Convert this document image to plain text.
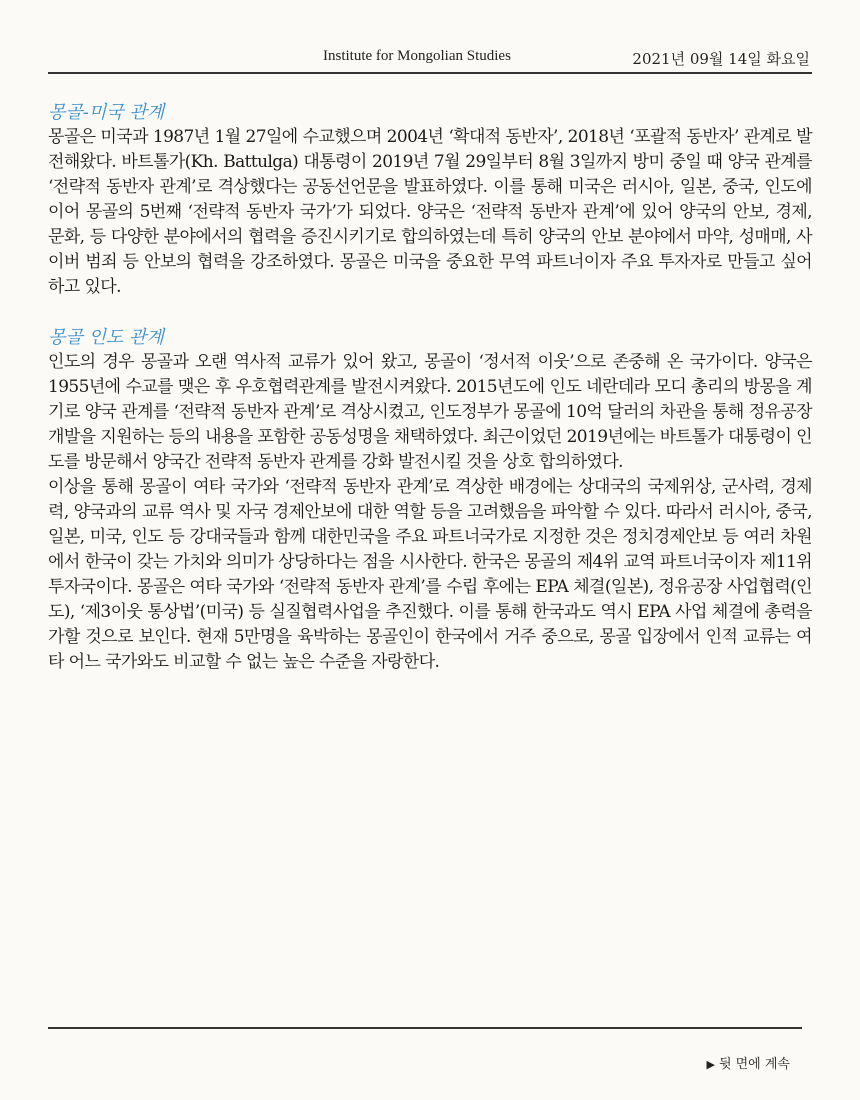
Institute for Mongolian Studies	2021년 09월 14일 화요일

몽골-미국 관계

몽골은 미국과 1987년 1월 27일에 수교했으며 2004년 ‘확대적 동반자’, 2018년 ‘포괄적 동반자’ 관계로 발전해왔다. 바트톨가(Kh. Battulga) 대통령이 2019년 7월 29일부터 8월 3일까지 방미 중일 때 양국 관계를 ‘전략적 동반자 관계’로 격상했다는 공동선언문을 발표하였다. 이를 통해 미국은 러시아, 일본, 중국, 인도에 이어 몽골의 5번째 ‘전략적 동반자 국가’가 되었다. 양국은 ‘전략적 동반자 관계’에 있어 양국의 안보, 경제, 문화, 등 다양한 분야에서의 협력을 증진시키기로 합의하였는데 특히 양국의 안보 분야에서 마약, 성매매, 사이버 범죄 등 안보의 협력을 강조하였다. 몽골은 미국을 중요한 무역 파트너이자 주요 투자자로 만들고 싶어하고 있다.

몽골 인도 관계

인도의 경우 몽골과 오랜 역사적 교류가 있어 왔고, 몽골이 ‘정서적 이웃’으로 존중해 온 국가이다. 양국은 1955년에 수교를 맺은 후 우호협력관계를 발전시켜왔다. 2015년도에 인도 네란데라 모디 총리의 방몽을 계기로 양국 관계를 ‘전략적 동반자 관계’로 격상시켰고, 인도정부가 몽골에 10억 달러의 차관을 통해 정유공장 개발을 지원하는 등의 내용을 포함한 공동성명을 채택하였다. 최근이었던 2019년에는 바트톨가 대통령이 인도를 방문해서 양국간 전략적 동반자 관계를 강화 발전시킬 것을 상호 합의하였다.

이상을 통해 몽골이 여타 국가와 ‘전략적 동반자 관계’로 격상한 배경에는 상대국의 국제위상, 군사력, 경제력, 양국과의 교류 역사 및 자국 경제안보에 대한 역할 등을 고려했음을 파악할 수 있다. 따라서 러시아, 중국, 일본, 미국, 인도 등 강대국들과 함께 대한민국을 주요 파트너국가로 지정한 것은 정치경제안보 등 여러 차원에서 한국이 갖는 가치와 의미가 상당하다는 점을 시사한다. 한국은 몽골의 제4위 교역 파트너국이자 제11위 투자국이다. 몽골은 여타 국가와 ‘전략적 동반자 관계’를 수립 후에는 EPA 체결(일본), 정유공장 사업협력(인도), ‘제3이웃 통상법’(미국) 등 실질협력사업을 추진했다. 이를 통해 한국과도 역시 EPA 사업 체결에 총력을 가할 것으로 보인다. 현재 5만명을 육박하는 몽골인이 한국에서 거주 중으로, 몽골 입장에서 인적 교류는 여타 어느 국가와도 비교할 수 없는 높은 수준을 자랑한다.

▶ 뒷 면에 계속
